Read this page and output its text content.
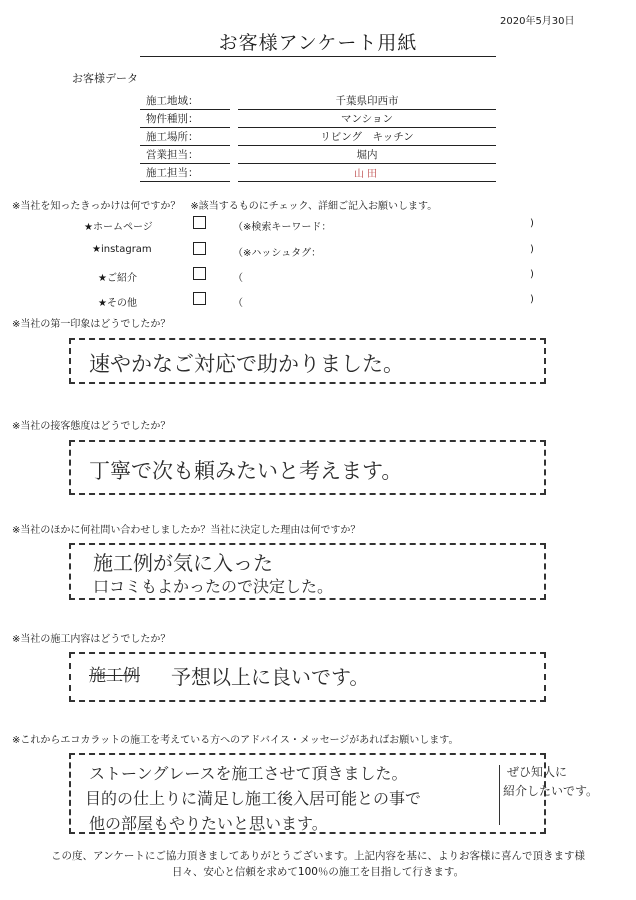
2020年5月30日
お客様アンケート用紙
お客様データ
施工地域：		千葉県印西市
物件種別：		マンション
施工場所：		リビング　キッチン
営業担当：		堀内
施工担当：		山田
※当社を知ったきっかけは何ですか？　※該当するものにチェック、詳細ご記入お願いします。
★ホームページ	（※検索キーワード：	)
★instagram	（※ハッシュタグ：	)
★ご紹介	（	)
★その他	（	)
※当社の第一印象はどうでしたか？
速やかなご対応で助かりました。
※当社の接客態度はどうでしたか？
丁寧で次も頼みたいと考えます。
※当社のほかに何社問い合わせしましたか？当社に決定した理由は何ですか？
施工例が気に入った
口コミもよかったので決定した。
※当社の施工内容はどうでしたか？
施工例 予想以上に良いです。
※これからエコカラットの施工を考えている方へのアドバイス・メッセージがあればお願いします。
ストーングレースを施工させて頂きました。
目的の仕上りに満足し施工後入居可能との事で
他の部屋もやりたいと思います。
ぜひ知人に
紹介したいです。
この度、アンケートにご協力頂きましてありがとうございます。上記内容を基に、よりお客様に喜んで頂きます様
日々、安心と信頼を求めて100％の施工を目指して行きます。
